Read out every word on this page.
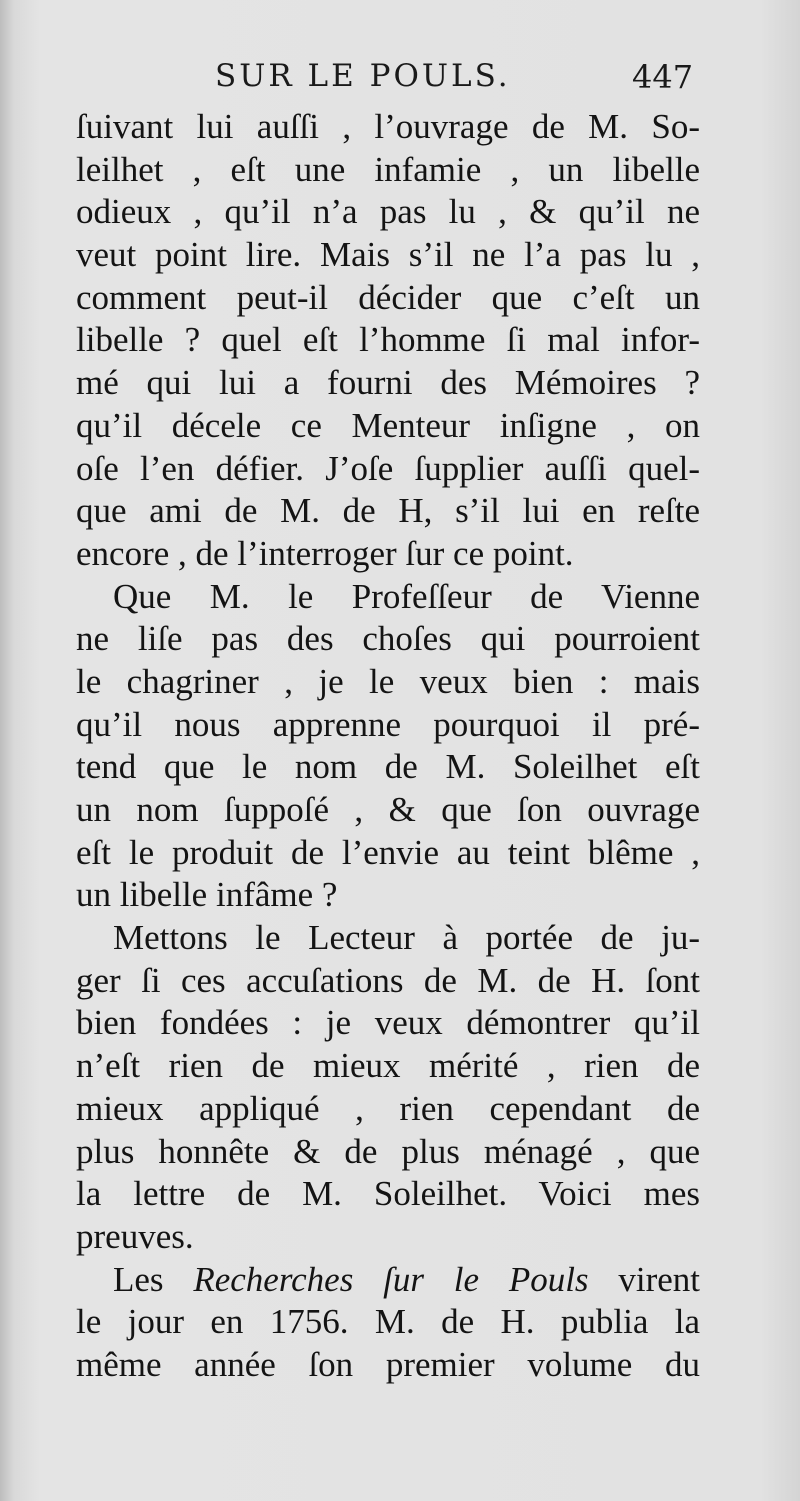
SUR LE POULS.	447
ſuivant lui auſſi , l’ouvrage de M. So-
leilhet , eſt une infamie , un libelle
odieux , qu’il n’a pas lu , & qu’il ne
veut point lire. Mais s’il ne l’a pas lu ,
comment peut-il décider que c’eſt un
libelle ? quel eſt l’homme ſi mal infor-
mé qui lui a fourni des Mémoires ?
qu’il décele ce Menteur inſigne , on
oſe l’en défier. J’oſe ſupplier auſſi quel-
que ami de M. de H, s’il lui en reſte
encore , de l’interroger ſur ce point.
Que M. le Profeſſeur de Vienne
ne liſe pas des choſes qui pourroient
le chagriner , je le veux bien : mais
qu’il nous apprenne pourquoi il pré-
tend que le nom de M. Soleilhet eſt
un nom ſuppoſé , & que ſon ouvrage
eſt le produit de l’envie au teint blême ,
un libelle infâme ?
Mettons le Lecteur à portée de ju-
ger ſi ces accuſations de M. de H. ſont
bien fondées : je veux démontrer qu’il
n’eſt rien de mieux mérité , rien de
mieux appliqué , rien cependant de
plus honnête & de plus ménagé , que
la lettre de M. Soleilhet. Voici mes
preuves.
Les Recherches ſur le Pouls virent
le jour en 1756. M. de H. publia la
même année ſon premier volume du
